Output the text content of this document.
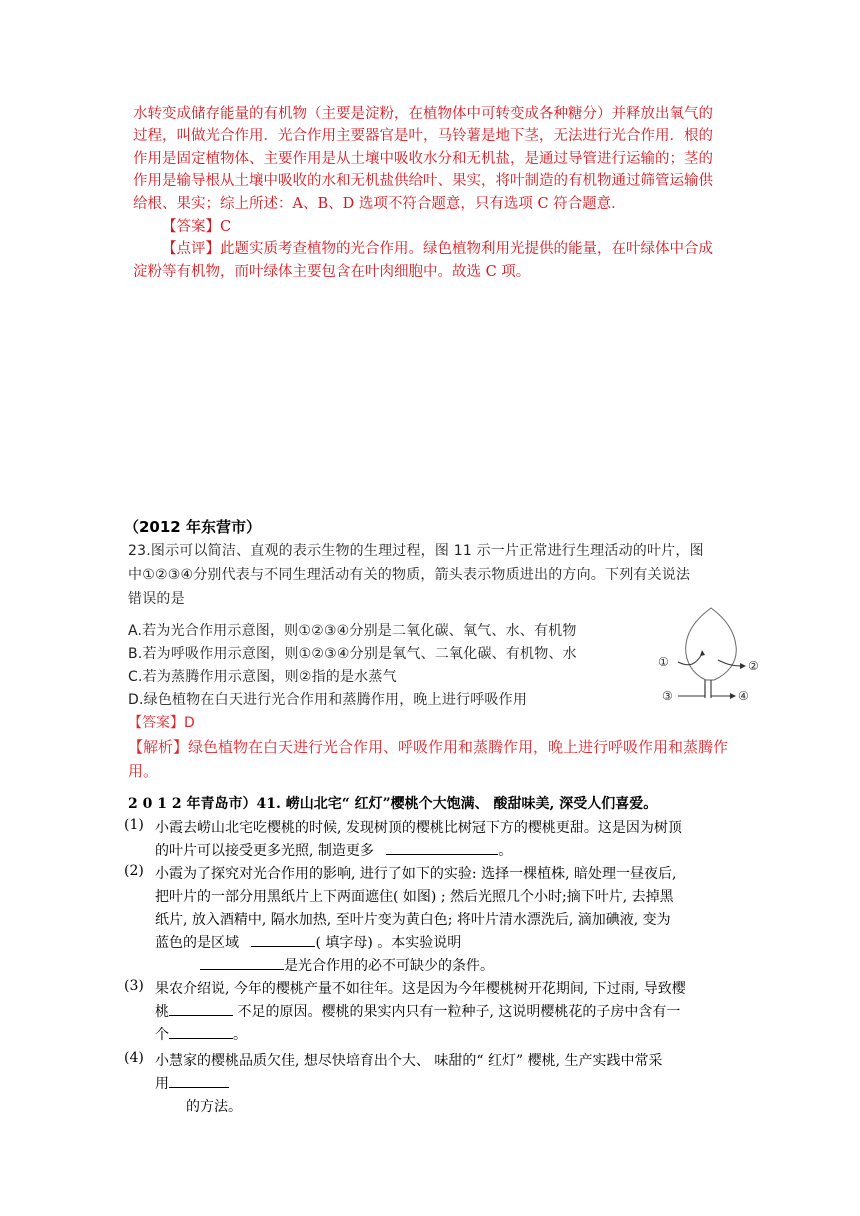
水转变成储存能量的有机物（主要是淀粉，在植物体中可转变成各种糖分）并释放出氧气的
过程，叫做光合作用．光合作用主要器官是叶，马铃薯是地下茎，无法进行光合作用．根的
作用是固定植物体、主要作用是从土壤中吸收水分和无机盐，是通过导管进行运输的；茎的
作用是输导根从土壤中吸收的水和无机盐供给叶、果实，将叶制造的有机物通过筛管运输供
给根、果实；综上所述：A、B、D 选项不符合题意，只有选项 C 符合题意．
【答案】C
【点评】此题实质考查植物的光合作用。绿色植物利用光提供的能量，在叶绿体中合成
淀粉等有机物，而叶绿体主要包含在叶肉细胞中。故选 C 项。
（2012 年东营市）
23.图示可以简洁、直观的表示生物的生理过程，图 11 示一片正常进行生理活动的叶片，图
中①②③④分别代表与不同生理活动有关的物质，箭头表示物质进出的方向。下列有关说法
错误的是
A.若为光合作用示意图，则①②③④分别是二氧化碳、氧气、水、有机物
B.若为呼吸作用示意图，则①②③④分别是氧气、二氧化碳、有机物、水
C.若为蒸腾作用示意图，则②指的是水蒸气
D.绿色植物在白天进行光合作用和蒸腾作用，晚上进行呼吸作用
①	②
③	④
【答案】D
【解析】绿色植物在白天进行光合作用、呼吸作用和蒸腾作用，晚上进行呼吸作用和蒸腾作
用。
2 0 1 2 年青岛市）41. 崂山北宅“ 红灯”樱桃个大饱满、 酸甜味美, 深受人们喜爱。
(1) 小霞去崂山北宅吃樱桃的时候, 发现树顶的樱桃比树冠下方的樱桃更甜。这是因为树顶
的叶片可以接受更多光照, 制造更多	。
(2) 小霞为了探究对光合作用的影响, 进行了如下的实验: 选择一棵植株, 暗处理一昼夜后,
把叶片的一部分用黑纸片上下两面遮住( 如图) ; 然后光照几个小时;摘下叶片, 去掉黑
纸片, 放入酒精中, 隔水加热, 至叶片变为黄白色; 将叶片清水漂洗后, 滴加碘液, 变为
蓝色的是区域	( 填字母) 。本实验说明
是光合作用的必不可缺少的条件。
(3) 果农介绍说, 今年的樱桃产量不如往年。这是因为今年樱桃树开花期间, 下过雨, 导致樱
桃	不足的原因。樱桃的果实内只有一粒种子, 这说明樱桃花的子房中含有一
个	。
(4) 小慧家的樱桃品质欠佳, 想尽快培育出个大、 味甜的“ 红灯” 樱桃, 生产实践中常采
用
的方法。
